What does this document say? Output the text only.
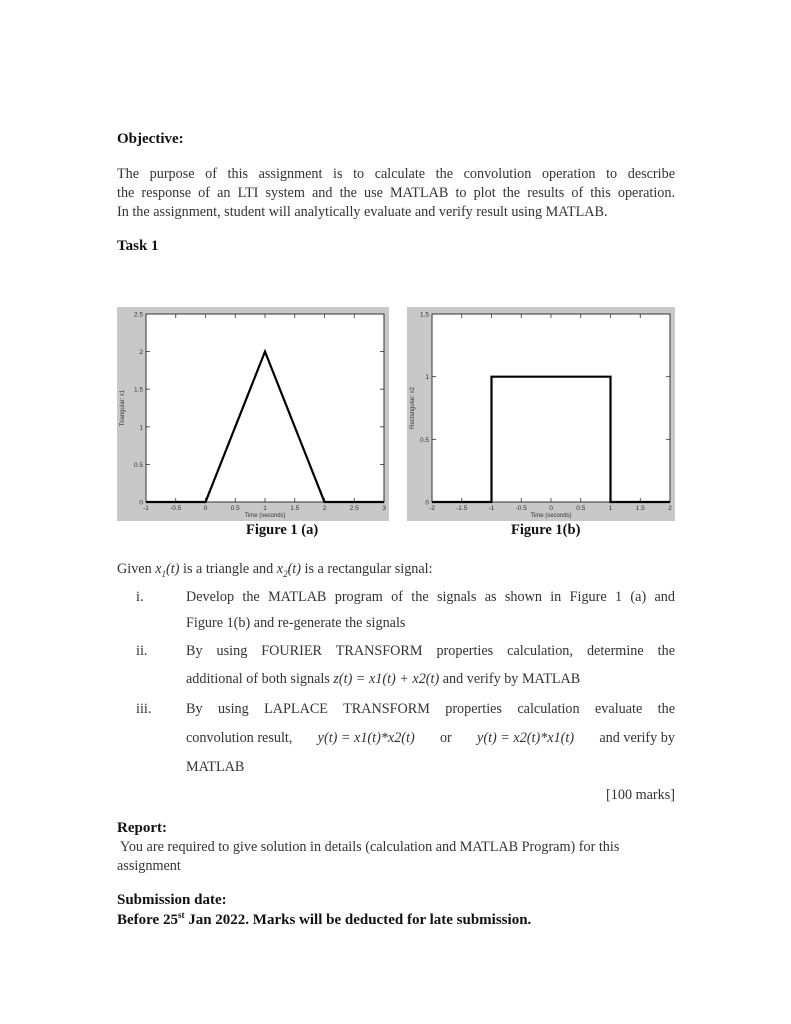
Objective:
The purpose of this assignment is to calculate the convolution operation to describe
the response of an LTI system and the use MATLAB to plot the results of this operation.
In the assignment, student will analytically evaluate and verify result using MATLAB.
Task 1
-1	-0.5	0	0.5	1	1.5	2	2.5	3
0
0.5
1
1.5
2
2.5
Time (seconds)
Triangular: x1
Figure 1 (a)
-2	-1.5	-1	-0.5	0	0.5	1	1.5	2
0
0.5
1
1.5
Time (seconds)
Rectangular: x2
Figure 1(b)
Given $x_1(t)$ is a triangle and $x_2(t)$ is a rectangular signal:
i.	Develop the MATLAB program of the signals as shown in Figure 1 (a) and
Figure 1(b) and re-generate the signals
ii.	By using FOURIER TRANSFORM properties calculation, determine the
additional of both signals z(t) = x1(t) + x2(t) and verify by MATLAB
iii. By using LAPLACE TRANSFORM properties calculation evaluate the
convolution result, y(t) = x1(t)*x2(t) or y(t) = x2(t)*x1(t) and verify by
MATLAB
[100 marks]
Report:
You are required to give solution in details (calculation and MATLAB Program) for this
assignment
Submission date:
Before 25st Jan 2022. Marks will be deducted for late submission.
